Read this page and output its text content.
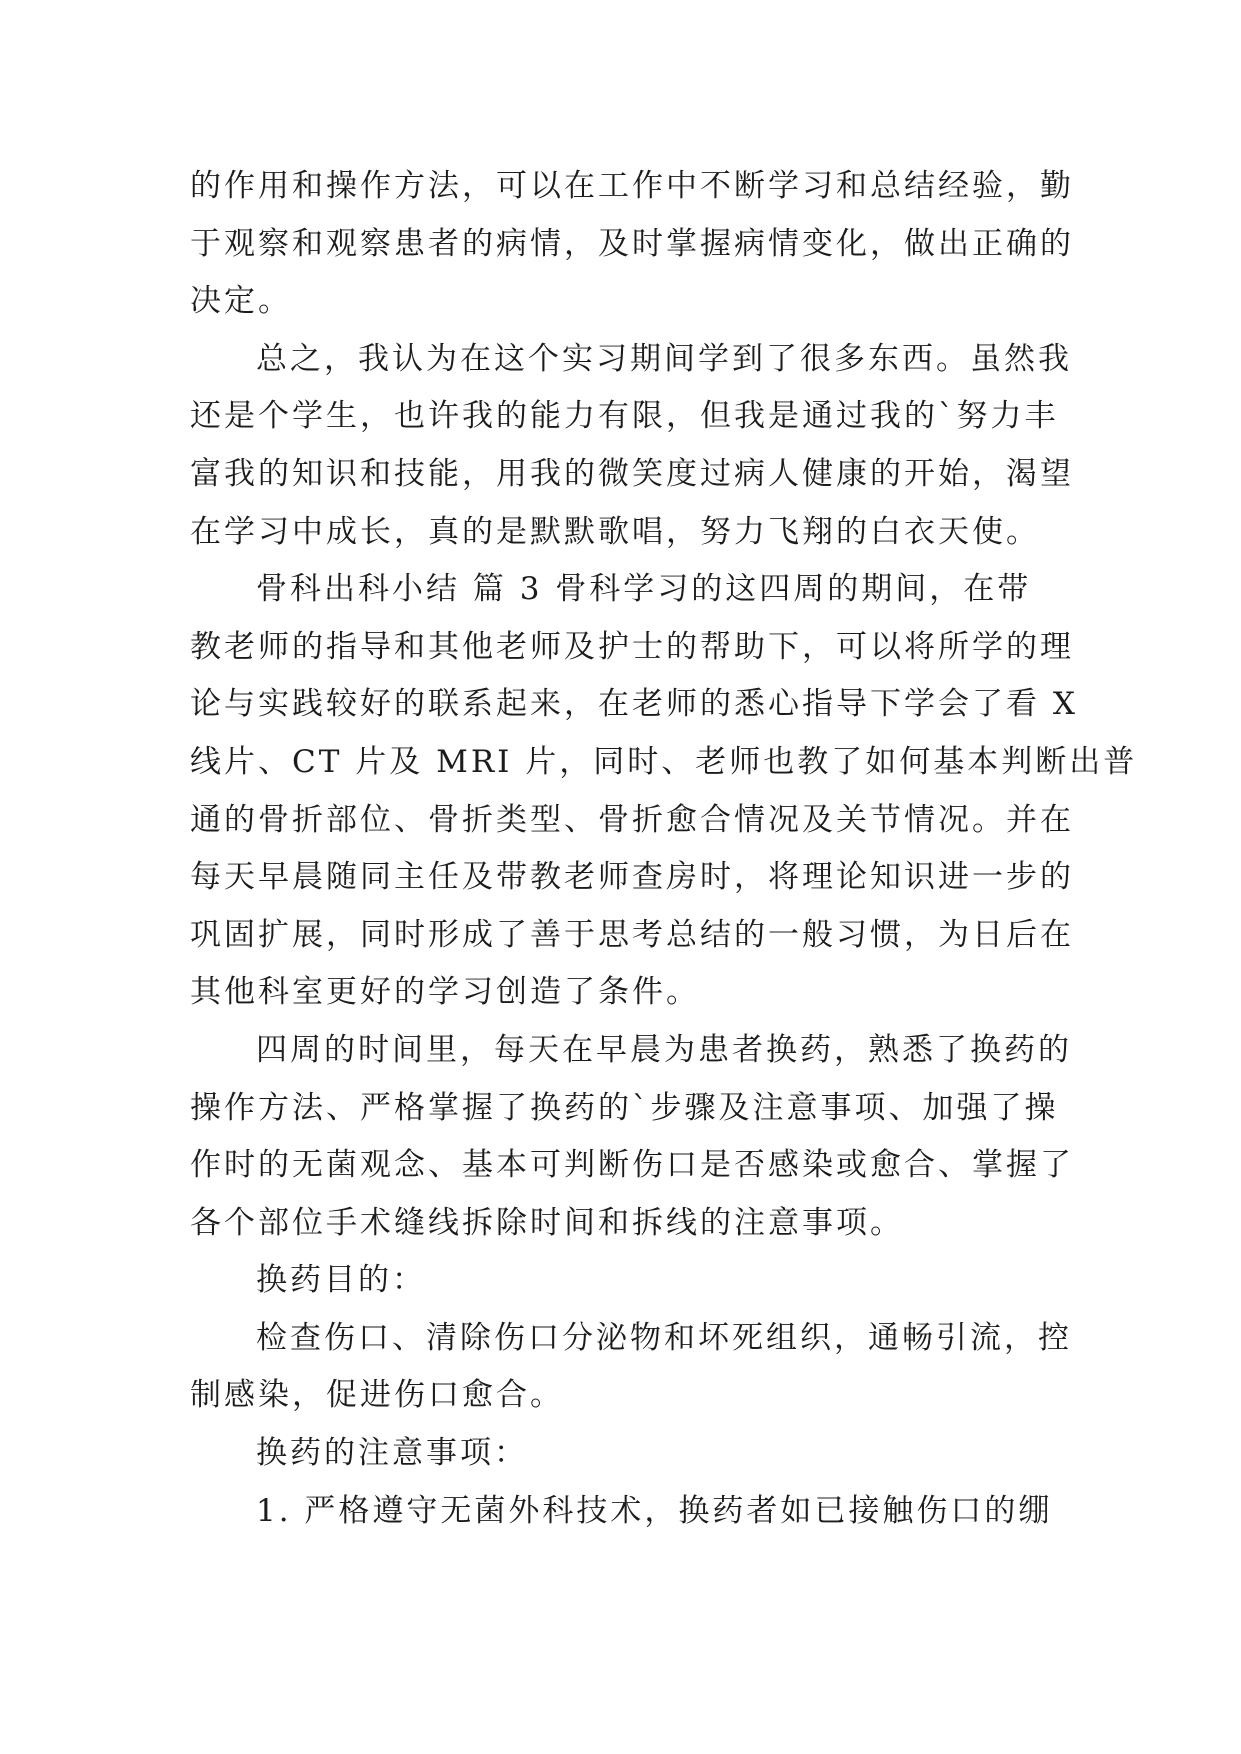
的作用和操作方法，可以在工作中不断学习和总结经验，勤
于观察和观察患者的病情，及时掌握病情变化，做出正确的
决定。
总之，我认为在这个实习期间学到了很多东西。虽然我
还是个学生，也许我的能力有限，但我是通过我的`努力丰
富我的知识和技能，用我的微笑度过病人健康的开始，渴望
在学习中成长，真的是默默歌唱，努力飞翔的白衣天使。
骨科出科小结 篇 3 骨科学习的这四周的期间，在带
教老师的指导和其他老师及护士的帮助下，可以将所学的理
论与实践较好的联系起来，在老师的悉心指导下学会了看 X
线片、CT 片及 MRI 片，同时、老师也教了如何基本判断出普
通的骨折部位、骨折类型、骨折愈合情况及关节情况。并在
每天早晨随同主任及带教老师查房时，将理论知识进一步的
巩固扩展，同时形成了善于思考总结的一般习惯，为日后在
其他科室更好的学习创造了条件。
四周的时间里，每天在早晨为患者换药，熟悉了换药的
操作方法、严格掌握了换药的`步骤及注意事项、加强了操
作时的无菌观念、基本可判断伤口是否感染或愈合、掌握了
各个部位手术缝线拆除时间和拆线的注意事项。
换药目的：
检查伤口、清除伤口分泌物和坏死组织，通畅引流，控
制感染，促进伤口愈合。
换药的注意事项：
1. 严格遵守无菌外科技术，换药者如已接触伤口的绷
